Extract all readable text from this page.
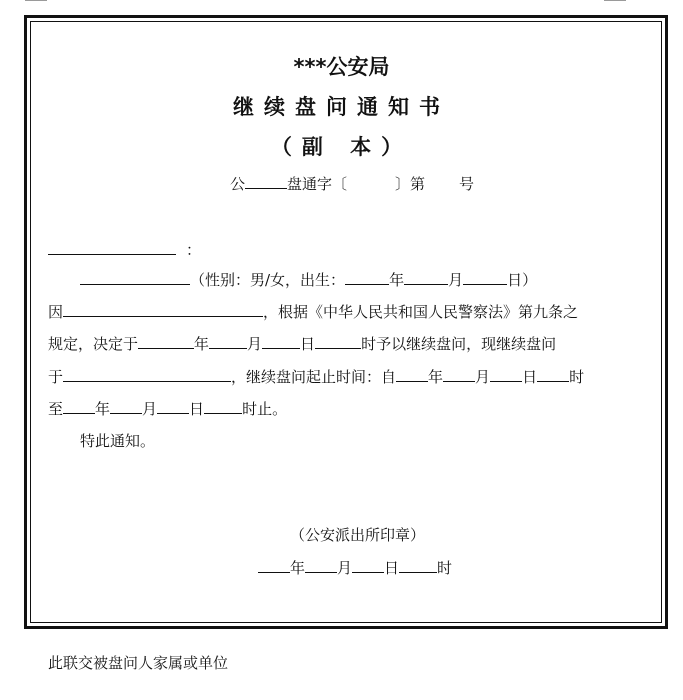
***公安局
继续盘问通知书
（副 本）
公	盘通字〔	〕第 号
：
（性别：男/女，出生：	年	月	日）
因	，根据《中华人民共和国人民警察法》第九条之
规定，决定于	年	月	日	时予以继续盘问，现继续盘问
于	，继续盘问起止时间：自 年 月 日 时
至 年 月 日	时止。
特此通知。
（公安派出所印章）
年 月 日	时
此联交被盘问人家属或单位
